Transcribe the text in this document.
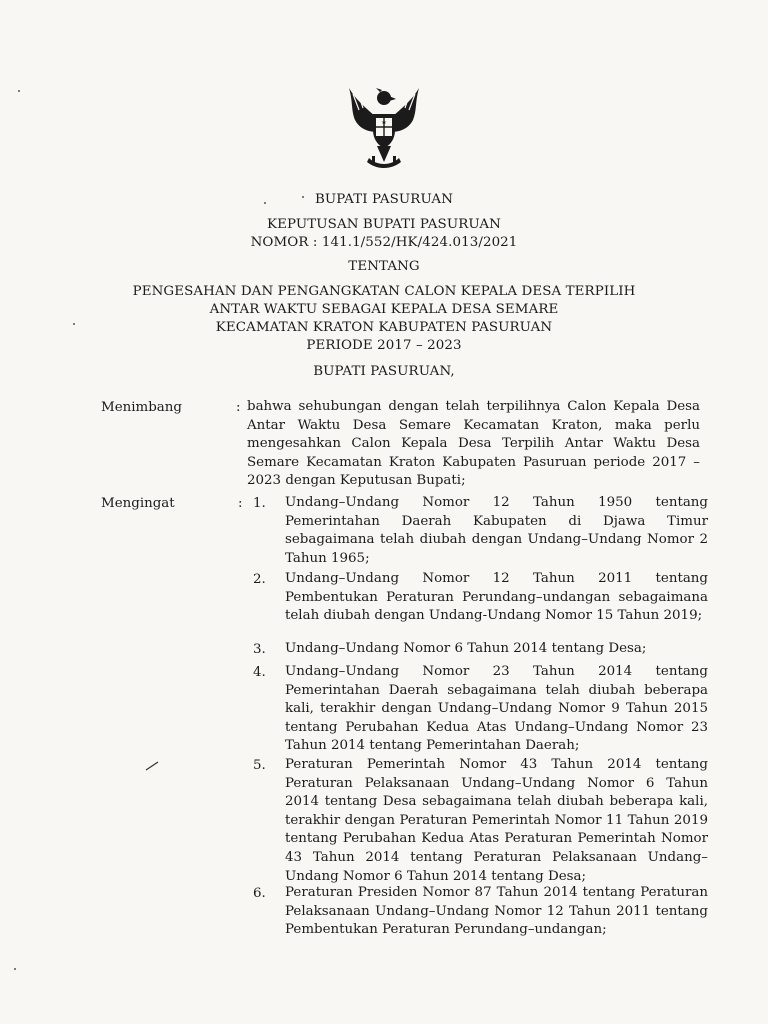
BUPATI PASURUAN
KEPUTUSAN BUPATI PASURUAN
NOMOR : 141.1/552/HK/424.013/2021
TENTANG
PENGESAHAN DAN PENGANGKATAN CALON KEPALA DESA TERPILIH
ANTAR WAKTU SEBAGAI KEPALA DESA SEMARE
KECAMATAN KRATON KABUPATEN PASURUAN
PERIODE 2017 – 2023
BUPATI PASURUAN,
Menimbang	: bahwa sehubungan dengan telah terpilihnya Calon Kepala Desa Antar Waktu Desa Semare Kecamatan Kraton, maka perlu mengesahkan Calon Kepala Desa Terpilih Antar Waktu Desa Semare Kecamatan Kraton Kabupaten Pasuruan periode 2017 – 2023 dengan Keputusan Bupati;
Mengingat	: 1. Undang–Undang Nomor 12 Tahun 1950 tentang Pemerintahan Daerah Kabupaten di Djawa Timur sebagaimana telah diubah dengan Undang–Undang Nomor 2 Tahun 1965;
2. Undang–Undang Nomor 12 Tahun 2011 tentang Pembentukan Peraturan Perundang–undangan sebagaimana telah diubah dengan Undang-Undang Nomor 15 Tahun 2019;
3. Undang–Undang Nomor 6 Tahun 2014 tentang Desa;
4. Undang–Undang Nomor 23 Tahun 2014 tentang Pemerintahan Daerah sebagaimana telah diubah beberapa kali, terakhir dengan Undang–Undang Nomor 9 Tahun 2015 tentang Perubahan Kedua Atas Undang–Undang Nomor 23 Tahun 2014 tentang Pemerintahan Daerah;
5. Peraturan Pemerintah Nomor 43 Tahun 2014 tentang Peraturan Pelaksanaan Undang–Undang Nomor 6 Tahun 2014 tentang Desa sebagaimana telah diubah beberapa kali, terakhir dengan Peraturan Pemerintah Nomor 11 Tahun 2019 tentang Perubahan Kedua Atas Peraturan Pemerintah Nomor 43 Tahun 2014 tentang Peraturan Pelaksanaan Undang–Undang Nomor 6 Tahun 2014 tentang Desa;
6. Peraturan Presiden Nomor 87 Tahun 2014 tentang Peraturan Pelaksanaan Undang–Undang Nomor 12 Tahun 2011 tentang Pembentukan Peraturan Perundang–undangan;
